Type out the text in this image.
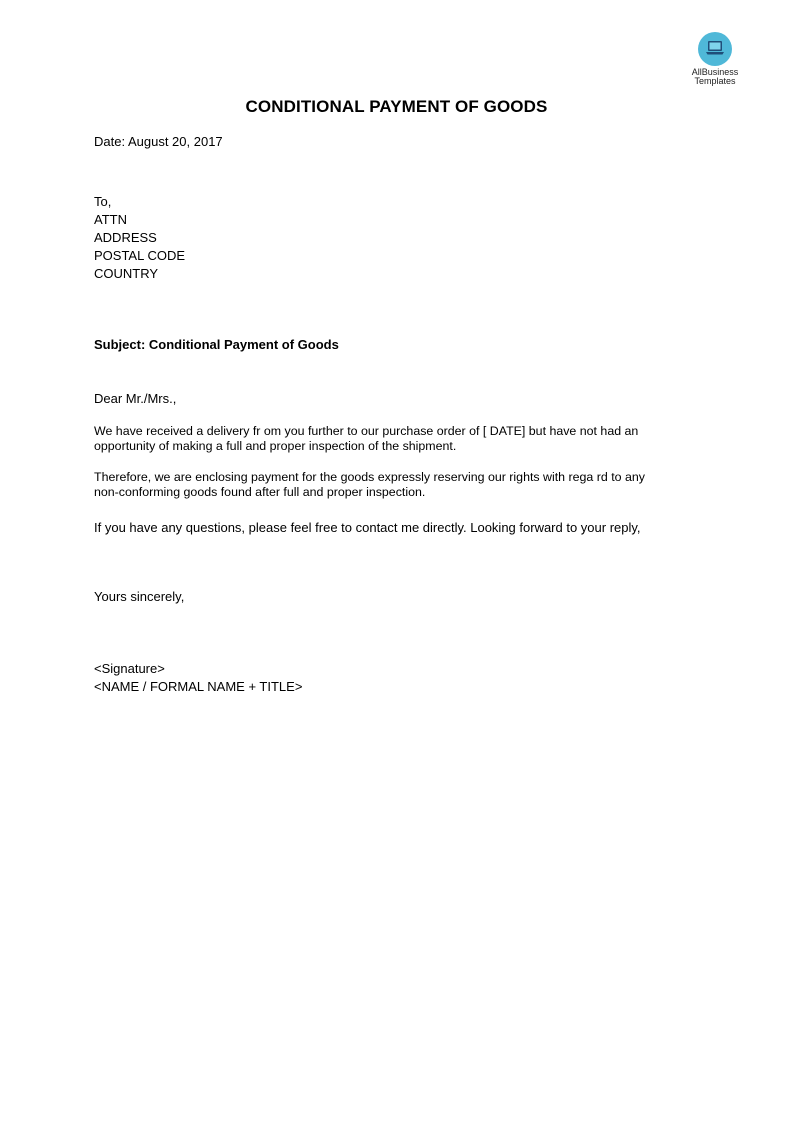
AllBusiness
Templates
CONDITIONAL PAYMENT OF GOODS
Date: August 20, 2017
To,
ATTN
ADDRESS
POSTAL CODE
COUNTRY
Subject: Conditional Payment of Goods
Dear Mr./Mrs.,
We have received a delivery fr om you further to our purchase order of [ DATE] but have not had an
opportunity of making a full and proper inspection of the shipment.
Therefore, we are enclosing payment for the goods expressly reserving our rights with rega rd to any
non-conforming goods found after full and proper inspection.
If you have any questions, please feel free to contact me directly. Looking forward to your reply,
Yours sincerely,
<Signature>
<NAME / FORMAL NAME + TITLE>
